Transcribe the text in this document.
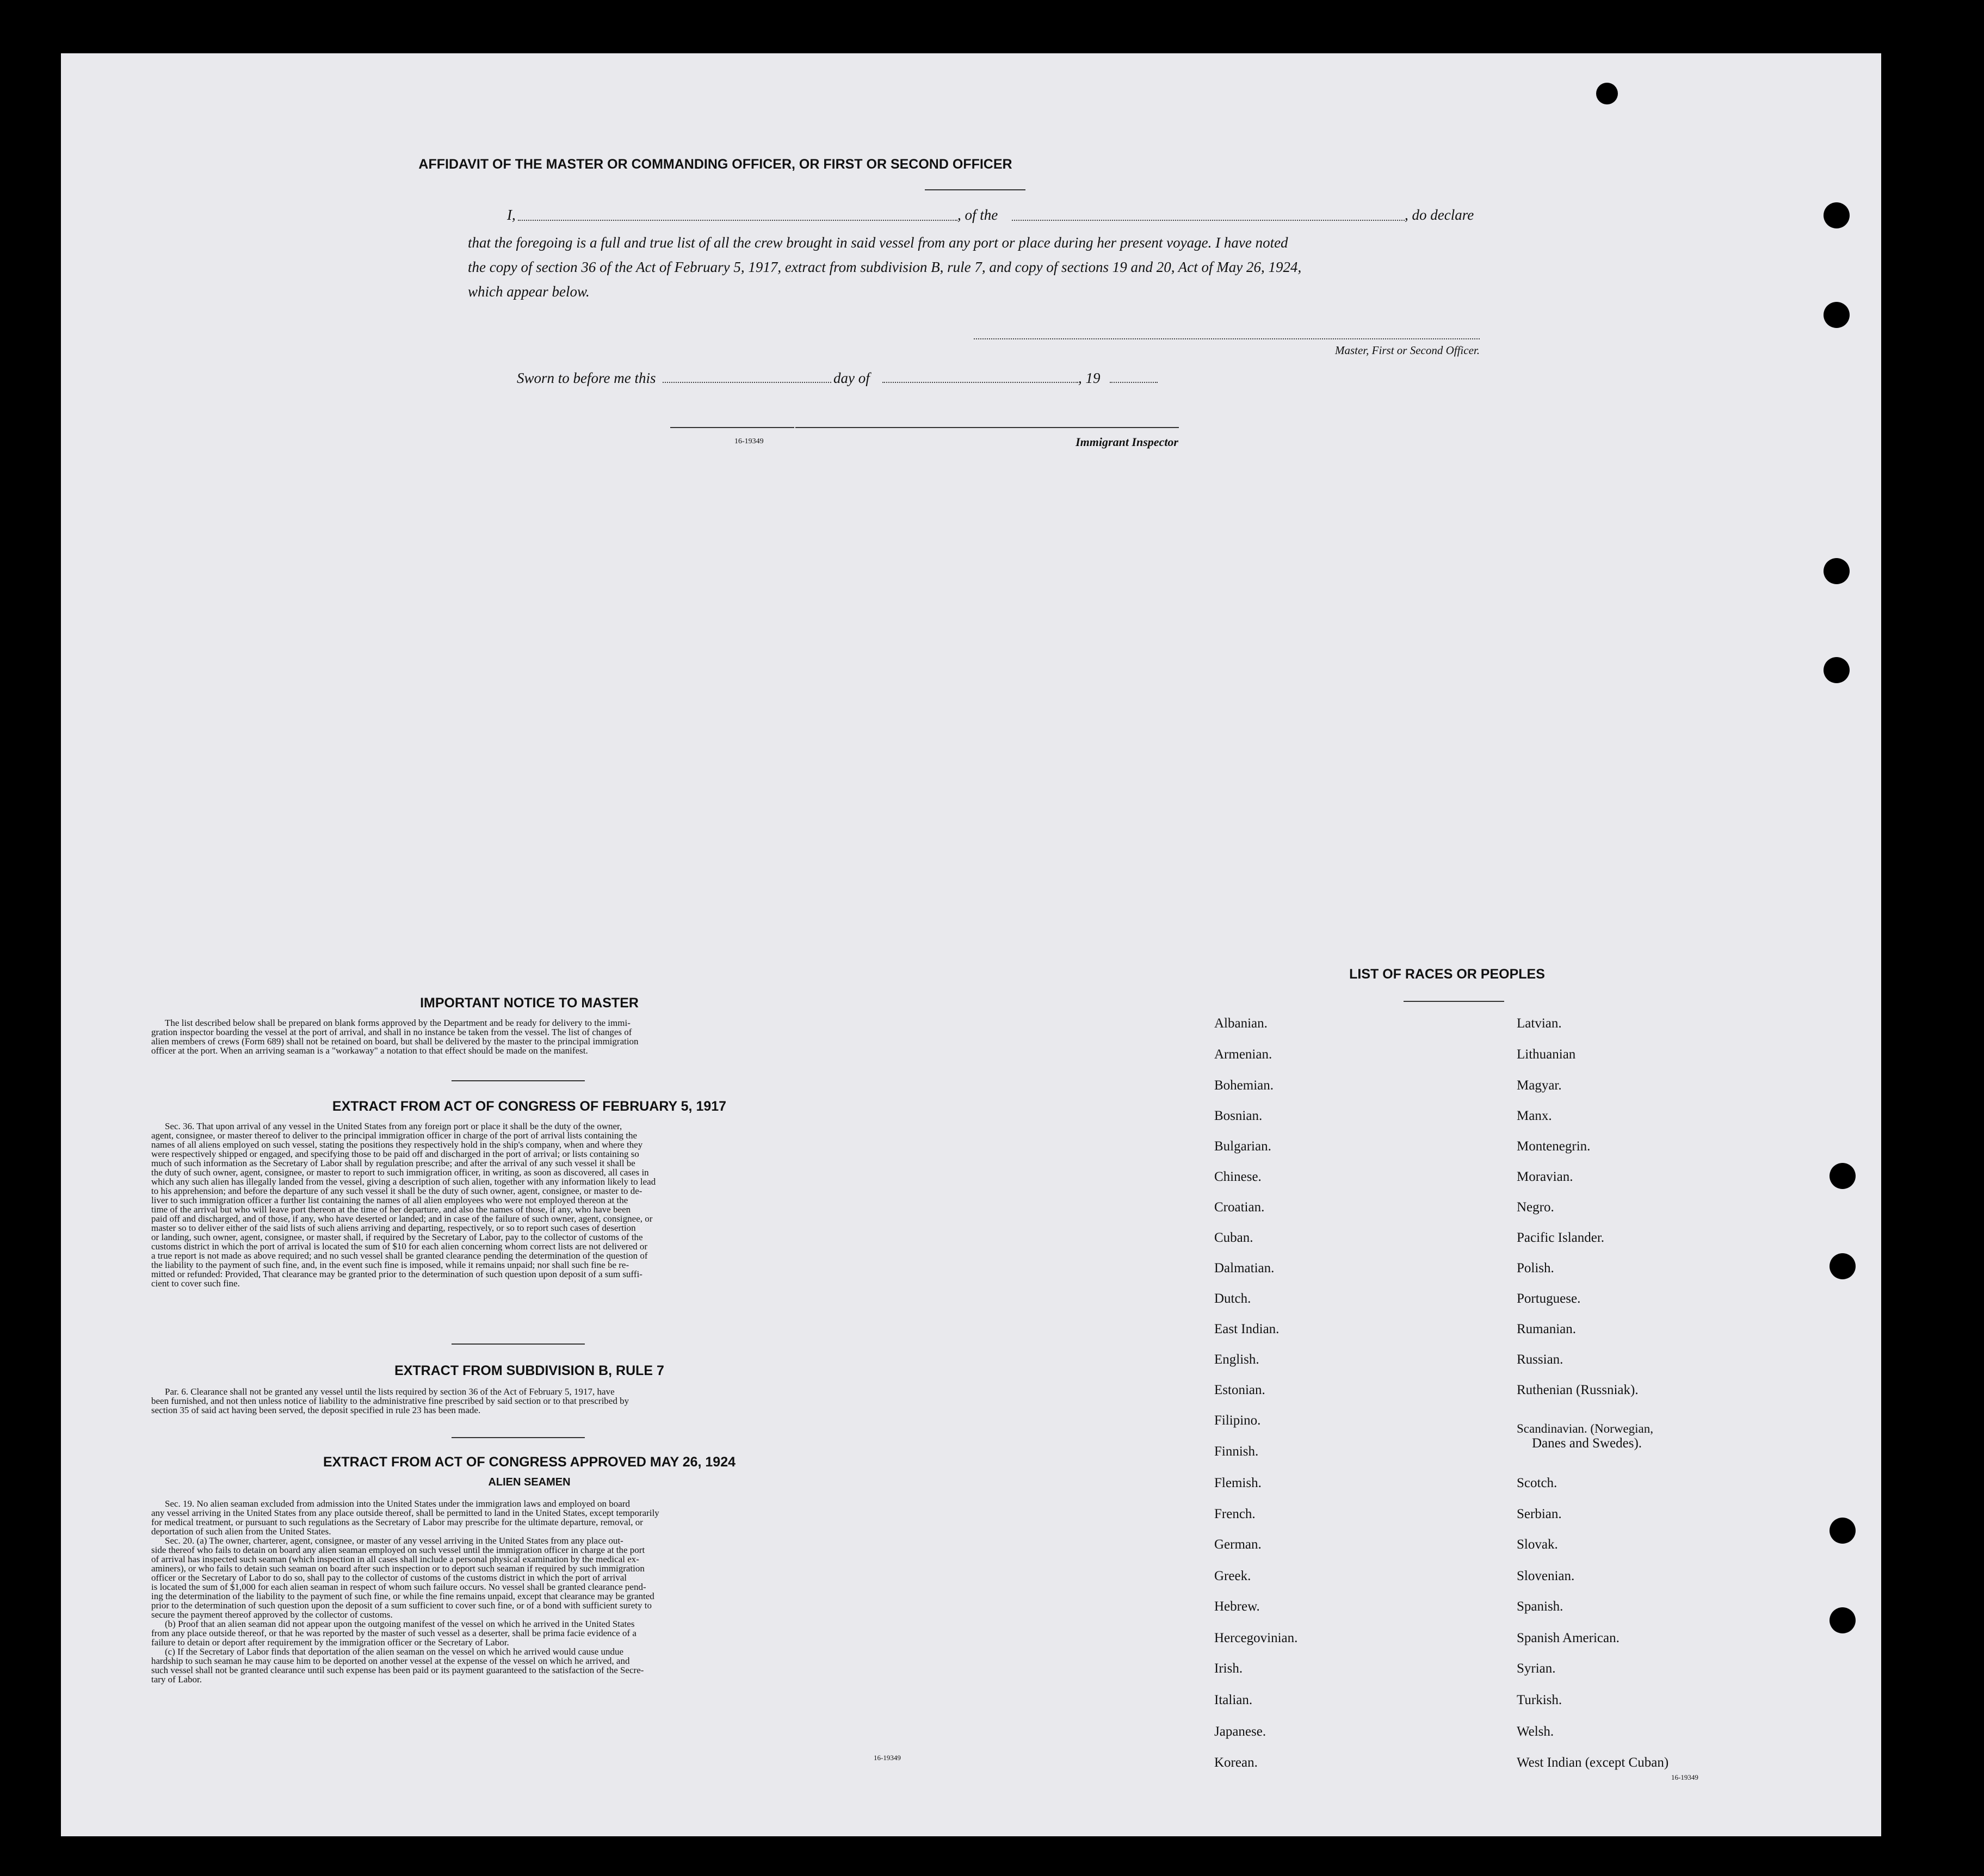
AFFIDAVIT OF THE MASTER OR COMMANDING OFFICER, OR FIRST OR SECOND OFFICER
I,	, of the	, do declare
that the foregoing is a full and true list of all the crew brought in said vessel from any port or place during her present voyage. I have noted
the copy of section 36 of the Act of February 5, 1917, extract from subdivision B, rule 7, and copy of sections 19 and 20, Act of May 26, 1924,
which appear below.
Master, First or Second Officer.
Sworn to before me this	day of	, 19
16-19349	Immigrant Inspector
IMPORTANT NOTICE TO MASTER
The list described below shall be prepared on blank forms approved by the Department and be ready for delivery to the immi-
gration inspector boarding the vessel at the port of arrival, and shall in no instance be taken from the vessel. The list of changes of
alien members of crews (Form 689) shall not be retained on board, but shall be delivered by the master to the principal immigration
officer at the port. When an arriving seaman is a "workaway" a notation to that effect should be made on the manifest.
EXTRACT FROM ACT OF CONGRESS OF FEBRUARY 5, 1917
Sec. 36. That upon arrival of any vessel in the United States from any foreign port or place it shall be the duty of the owner,
agent, consignee, or master thereof to deliver to the principal immigration officer in charge of the port of arrival lists containing the
names of all aliens employed on such vessel, stating the positions they respectively hold in the ship's company, when and where they
were respectively shipped or engaged, and specifying those to be paid off and discharged in the port of arrival; or lists containing so
much of such information as the Secretary of Labor shall by regulation prescribe; and after the arrival of any such vessel it shall be
the duty of such owner, agent, consignee, or master to report to such immigration officer, in writing, as soon as discovered, all cases in
which any such alien has illegally landed from the vessel, giving a description of such alien, together with any information likely to lead
to his apprehension; and before the departure of any such vessel it shall be the duty of such owner, agent, consignee, or master to de-
liver to such immigration officer a further list containing the names of all alien employees who were not employed thereon at the
time of the arrival but who will leave port thereon at the time of her departure, and also the names of those, if any, who have been
paid off and discharged, and of those, if any, who have deserted or landed; and in case of the failure of such owner, agent, consignee, or
master so to deliver either of the said lists of such aliens arriving and departing, respectively, or so to report such cases of desertion
or landing, such owner, agent, consignee, or master shall, if required by the Secretary of Labor, pay to the collector of customs of the
customs district in which the port of arrival is located the sum of $10 for each alien concerning whom correct lists are not delivered or
a true report is not made as above required; and no such vessel shall be granted clearance pending the determination of the question of
the liability to the payment of such fine, and, in the event such fine is imposed, while it remains unpaid; nor shall such fine be re-
mitted or refunded: Provided, That clearance may be granted prior to the determination of such question upon deposit of a sum suffi-
cient to cover such fine.
EXTRACT FROM SUBDIVISION B, RULE 7
Par. 6. Clearance shall not be granted any vessel until the lists required by section 36 of the Act of February 5, 1917, have
been furnished, and not then unless notice of liability to the administrative fine prescribed by said section or to that prescribed by
section 35 of said act having been served, the deposit specified in rule 23 has been made.
EXTRACT FROM ACT OF CONGRESS APPROVED MAY 26, 1924
ALIEN SEAMEN
Sec. 19. No alien seaman excluded from admission into the United States under the immigration laws and employed on board
any vessel arriving in the United States from any place outside thereof, shall be permitted to land in the United States, except temporarily
for medical treatment, or pursuant to such regulations as the Secretary of Labor may prescribe for the ultimate departure, removal, or
deportation of such alien from the United States.
Sec. 20. (a) The owner, charterer, agent, consignee, or master of any vessel arriving in the United States from any place out-
side thereof who fails to detain on board any alien seaman employed on such vessel until the immigration officer in charge at the port
of arrival has inspected such seaman (which inspection in all cases shall include a personal physical examination by the medical ex-
aminers), or who fails to detain such seaman on board after such inspection or to deport such seaman if required by such immigration
officer or the Secretary of Labor to do so, shall pay to the collector of customs of the customs district in which the port of arrival
is located the sum of $1,000 for each alien seaman in respect of whom such failure occurs. No vessel shall be granted clearance pend-
ing the determination of the liability to the payment of such fine, or while the fine remains unpaid, except that clearance may be granted
prior to the determination of such question upon the deposit of a sum sufficient to cover such fine, or of a bond with sufficient surety to
secure the payment thereof approved by the collector of customs.
(b) Proof that an alien seaman did not appear upon the outgoing manifest of the vessel on which he arrived in the United States
from any place outside thereof, or that he was reported by the master of such vessel as a deserter, shall be prima facie evidence of a
failure to detain or deport after requirement by the immigration officer or the Secretary of Labor.
(c) If the Secretary of Labor finds that deportation of the alien seaman on the vessel on which he arrived would cause undue
hardship to such seaman he may cause him to be deported on another vessel at the expense of the vessel on which he arrived, and
such vessel shall not be granted clearance until such expense has been paid or its payment guaranteed to the satisfaction of the Secre-
tary of Labor.
16-19349
LIST OF RACES OR PEOPLES
Albanian.
Armenian.
Bohemian.
Bosnian.
Bulgarian.
Chinese.
Croatian.
Cuban.
Dalmatian.
Dutch.
East Indian.
English.
Estonian.
Filipino.
Finnish.
Flemish.
French.
German.
Greek.
Hebrew.
Hercegovinian.
Irish.
Italian.
Japanese.
Korean.
Latvian.
Lithuanian
Magyar.
Manx.
Montenegrin.
Moravian.
Negro.
Pacific Islander.
Polish.
Portuguese.
Rumanian.
Russian.
Ruthenian (Russniak).
Scandinavian. (Norwegian,
Scotch.
Serbian.
Slovak.
Slovenian.
Spanish.
Spanish American.
Syrian.
Turkish.
Welsh.
West Indian (except Cuban)
Danes and Swedes).
16-19349
